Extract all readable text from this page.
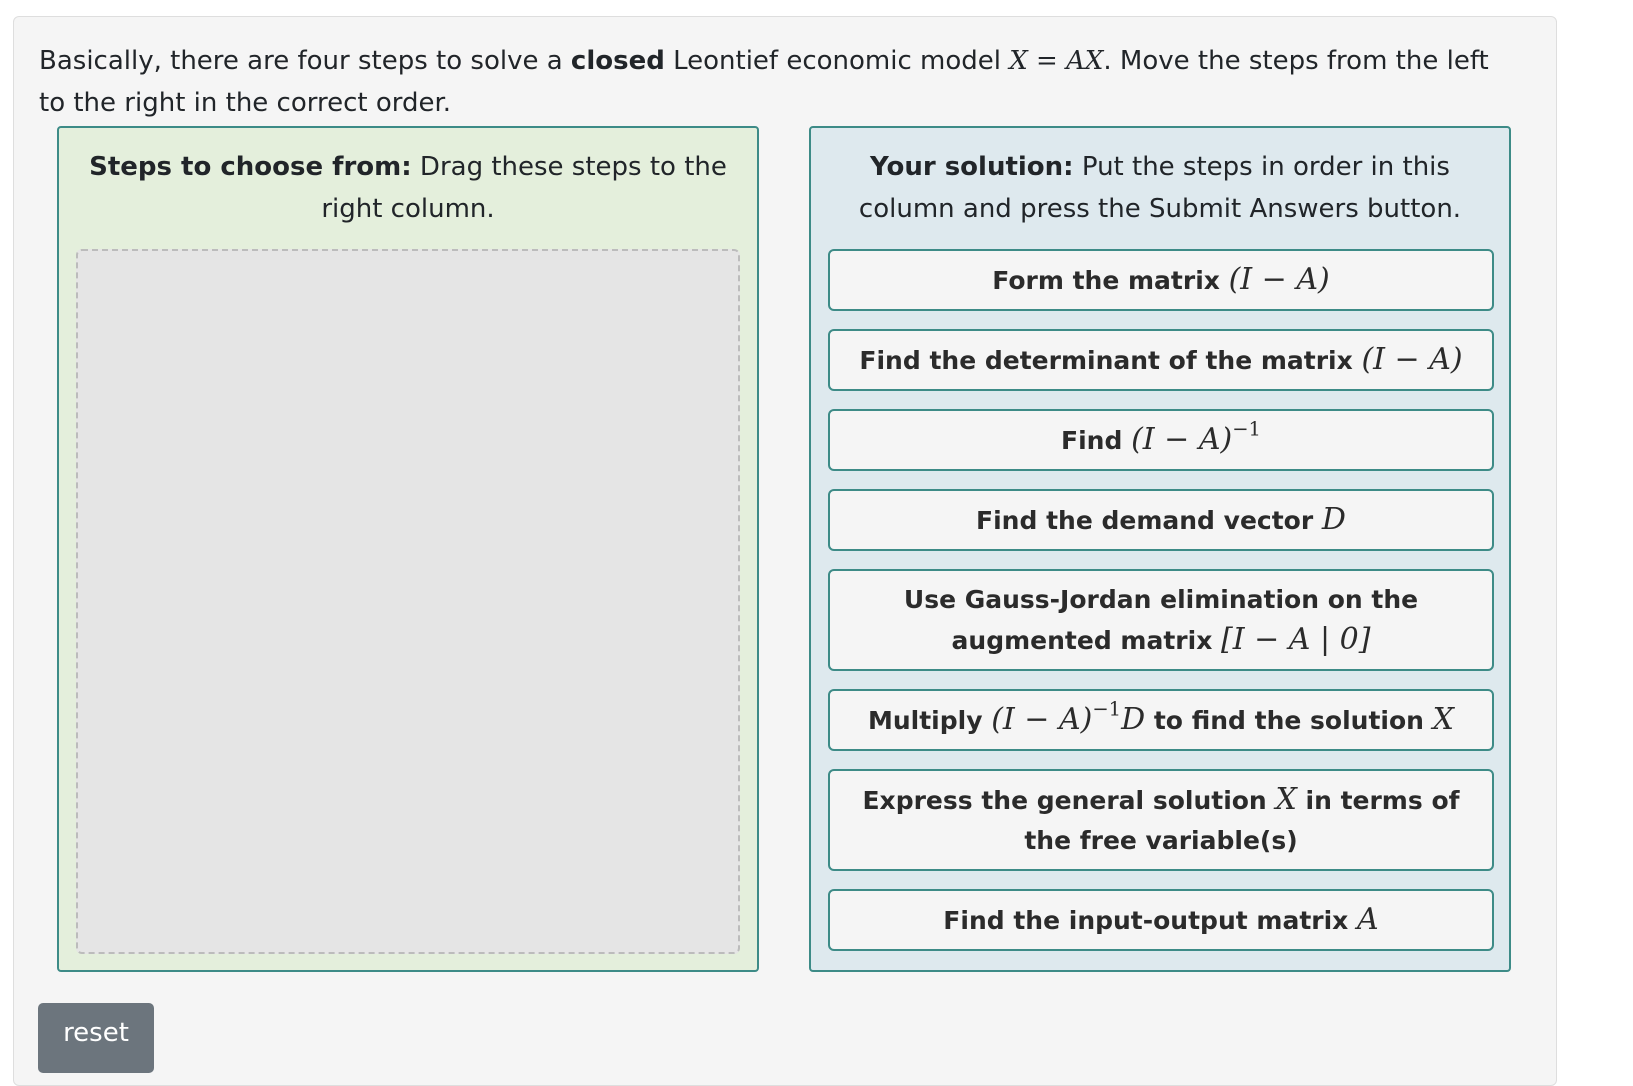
Basically, there are four steps to solve a closed Leontief economic model X = AX. Move the steps from the left to the right in the correct order.
Steps to choose from: Drag these steps to the right column.
Your solution: Put the steps in order in this column and press the Submit Answers button.
Form the matrix (I − A)
Find the determinant of the matrix (I − A)
Find $(I - A)^{-1}$
Find the demand vector D
Use Gauss-Jordan elimination on the augmented matrix [I − A | 0]
Multiply $(I - A)^{-1}D$ to find the solution X
Express the general solution X in terms of the free variable(s)
Find the input-output matrix A
reset
